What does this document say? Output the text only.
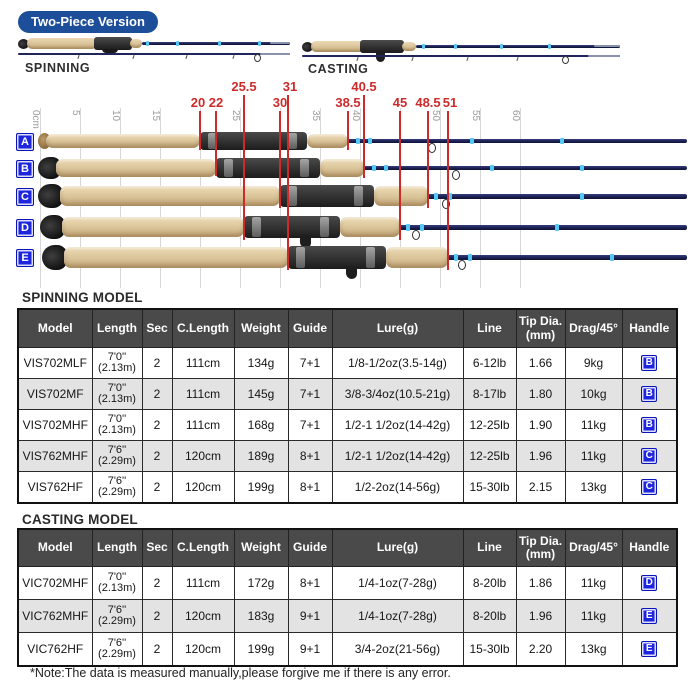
Two-Piece Version
SPINNING	CASTING
0cm	5	10	15	25	35	40	50	55	60
20 22
25.5
30
31
38.5
40.5
45 48.5 51
A
B
C
D
E
SPINNING MODEL
Model	Length	Sec	C.Length	Weight	Guide	Lure(g)	Line	Tip Dia. (mm)	Drag/45°	Handle
VIS702MLF	7'0''
(2.13m)	2	111cm	134g	7+1	1/8-1/2oz(3.5-14g)	6-12lb	1.66	9kg	B
VIS702MF	7'0''
(2.13m)	2	111cm	145g	7+1	3/8-3/4oz(10.5-21g)	8-17lb	1.80	10kg	B
VIS702MHF	7'0''
(2.13m)	2	111cm	168g	7+1	1/2-1 1/2oz(14-42g)	12-25lb	1.90	11kg	B
VIS762MHF	7'6''
(2.29m)	2	120cm	189g	8+1	1/2-1 1/2oz(14-42g)	12-25lb	1.96	11kg	C
VIS762HF	7'6''
(2.29m)	2	120cm	199g	8+1	1/2-2oz(14-56g)	15-30lb	2.15	13kg	C
CASTING MODEL
Model	Length	Sec	C.Length	Weight	Guide	Lure(g)	Line	Tip Dia. (mm)	Drag/45°	Handle
VIC702MHF	7'0''
(2.13m)	2	111cm	172g	8+1	1/4-1oz(7-28g)	8-20lb	1.86	11kg	D
VIC762MHF	7'6''
(2.29m)	2	120cm	183g	9+1	1/4-1oz(7-28g)	8-20lb	1.96	11kg	E
VIC762HF	7'6''
(2.29m)	2	120cm	199g	9+1	3/4-2oz(21-56g)	15-30lb	2.20	13kg	E
*Note:The data is measured manually,please forgive me if there is any error.
